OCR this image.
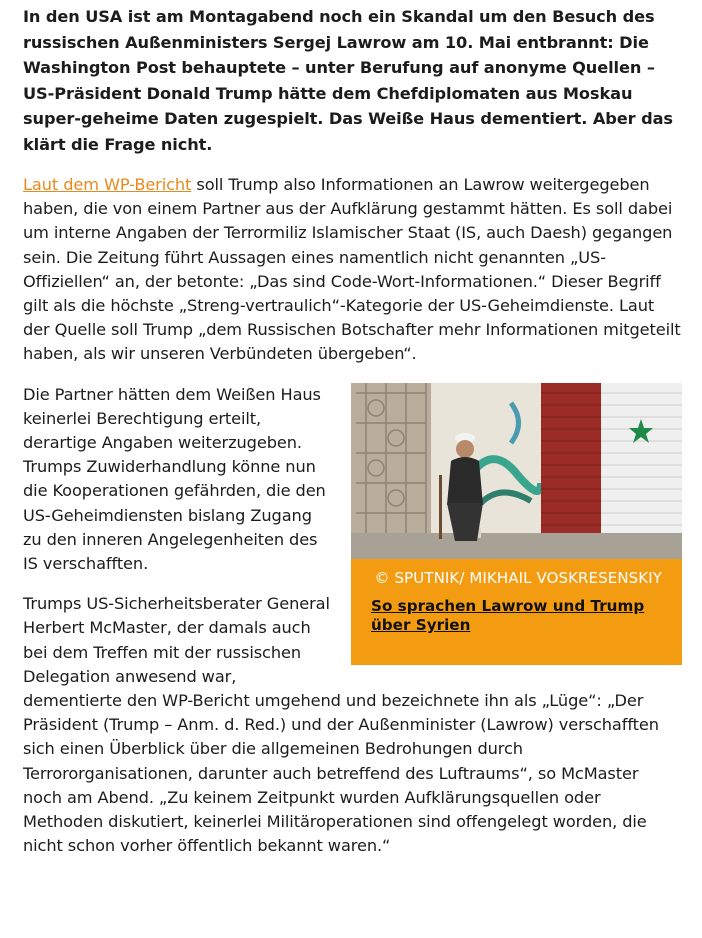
In den USA ist am Montagabend noch ein Skandal um den Besuch des russischen Außenministers Sergej Lawrow am 10. Mai entbrannt: Die Washington Post behauptete – unter Berufung auf anonyme Quellen – US-Präsident Donald Trump hätte dem Chefdiplomaten aus Moskau super-geheime Daten zugespielt. Das Weiße Haus dementiert. Aber das klärt die Frage nicht.

Laut dem WP-Bericht soll Trump also Informationen an Lawrow weitergegeben haben, die von einem Partner aus der Aufklärung gestammt hätten. Es soll dabei um interne Angaben der Terrormiliz Islamischer Staat (IS, auch Daesh) gegangen sein. Die Zeitung führt Aussagen eines namentlich nicht genannten „US-Offiziellen“ an, der betonte: „Das sind Code-Wort-Informationen.“ Dieser Begriff gilt als die höchste „Streng-vertraulich“-Kategorie der US-Geheimdienste. Laut der Quelle soll Trump „dem Russischen Botschafter mehr Informationen mitgeteilt haben, als wir unseren Verbündeten übergeben“.

© SPUTNIK/ MIKHAIL VOSKRESENSKIY
So sprachen Lawrow und Trump über Syrien

Die Partner hätten dem Weißen Haus keinerlei Berechtigung erteilt, derartige Angaben weiterzugeben. Trumps Zuwiderhandlung könne nun die Kooperationen gefährden, die den US-Geheimdiensten bislang Zugang zu den inneren Angelegenheiten des IS verschafften.

Trumps US-Sicherheitsberater General Herbert McMaster, der damals auch bei dem Treffen mit der russischen Delegation anwesend war, dementierte den WP-Bericht umgehend und bezeichnete ihn als „Lüge“: „Der Präsident (Trump – Anm. d. Red.) und der Außenminister (Lawrow) verschafften sich einen Überblick über die allgemeinen Bedrohungen durch Terrororganisationen, darunter auch betreffend des Luftraums“, so McMaster noch am Abend. „Zu keinem Zeitpunkt wurden Aufklärungsquellen oder Methoden diskutiert, keinerlei Militäroperationen sind offengelegt worden, die nicht schon vorher öffentlich bekannt waren.“
